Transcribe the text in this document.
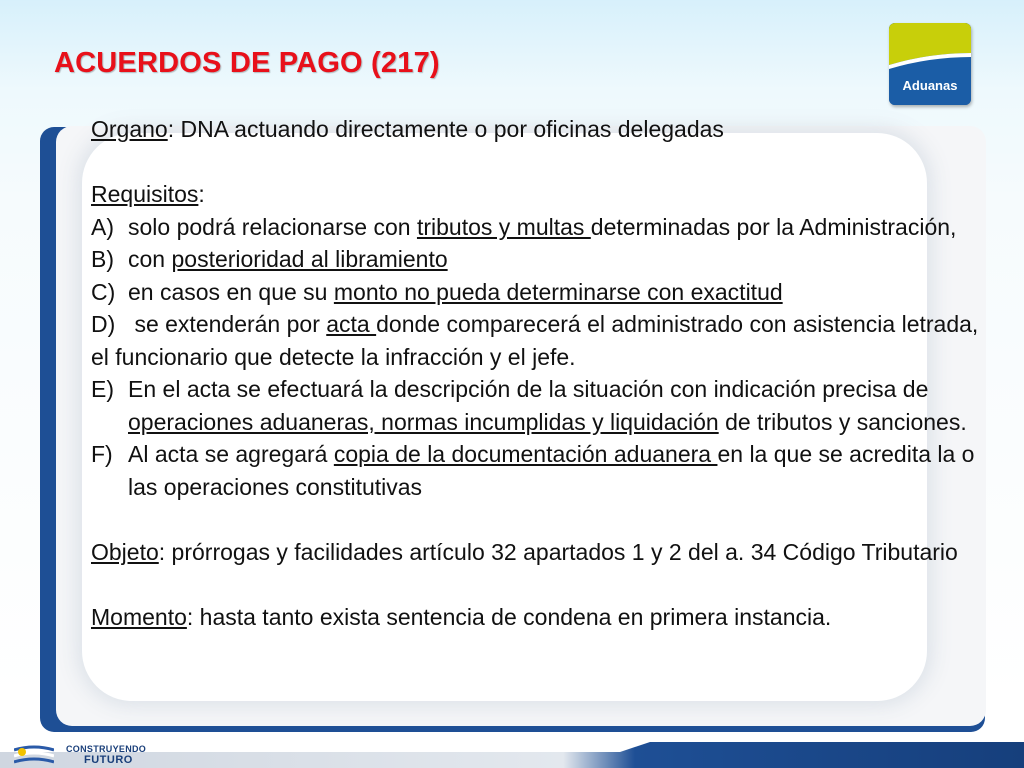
ACUERDOS DE PAGO (217)
Aduanas

Organo: DNA actuando directamente o por oficinas delegadas

Requisitos:

A) solo podrá relacionarse con tributos y multas determinadas por la Administración,
B) con posterioridad al libramiento
C) en casos en que su monto no pueda determinarse con exactitud

D)   se extenderán por acta donde comparecerá el administrado con asistencia letrada, el funcionario que detecte la infracción y el jefe.

E) En el acta se efectuará la descripción de la situación con indicación precisa de operaciones aduaneras, normas incumplidas y liquidación de tributos y sanciones.
F) Al acta se agregará copia de la documentación aduanera en la que se acredita la o las operaciones constitutivas

Objeto: prórrogas y facilidades artículo 32 apartados 1 y 2 del a. 34 Código Tributario

Momento: hasta tanto exista sentencia de condena en primera instancia.

CONSTRUYENDO
FUTURO
